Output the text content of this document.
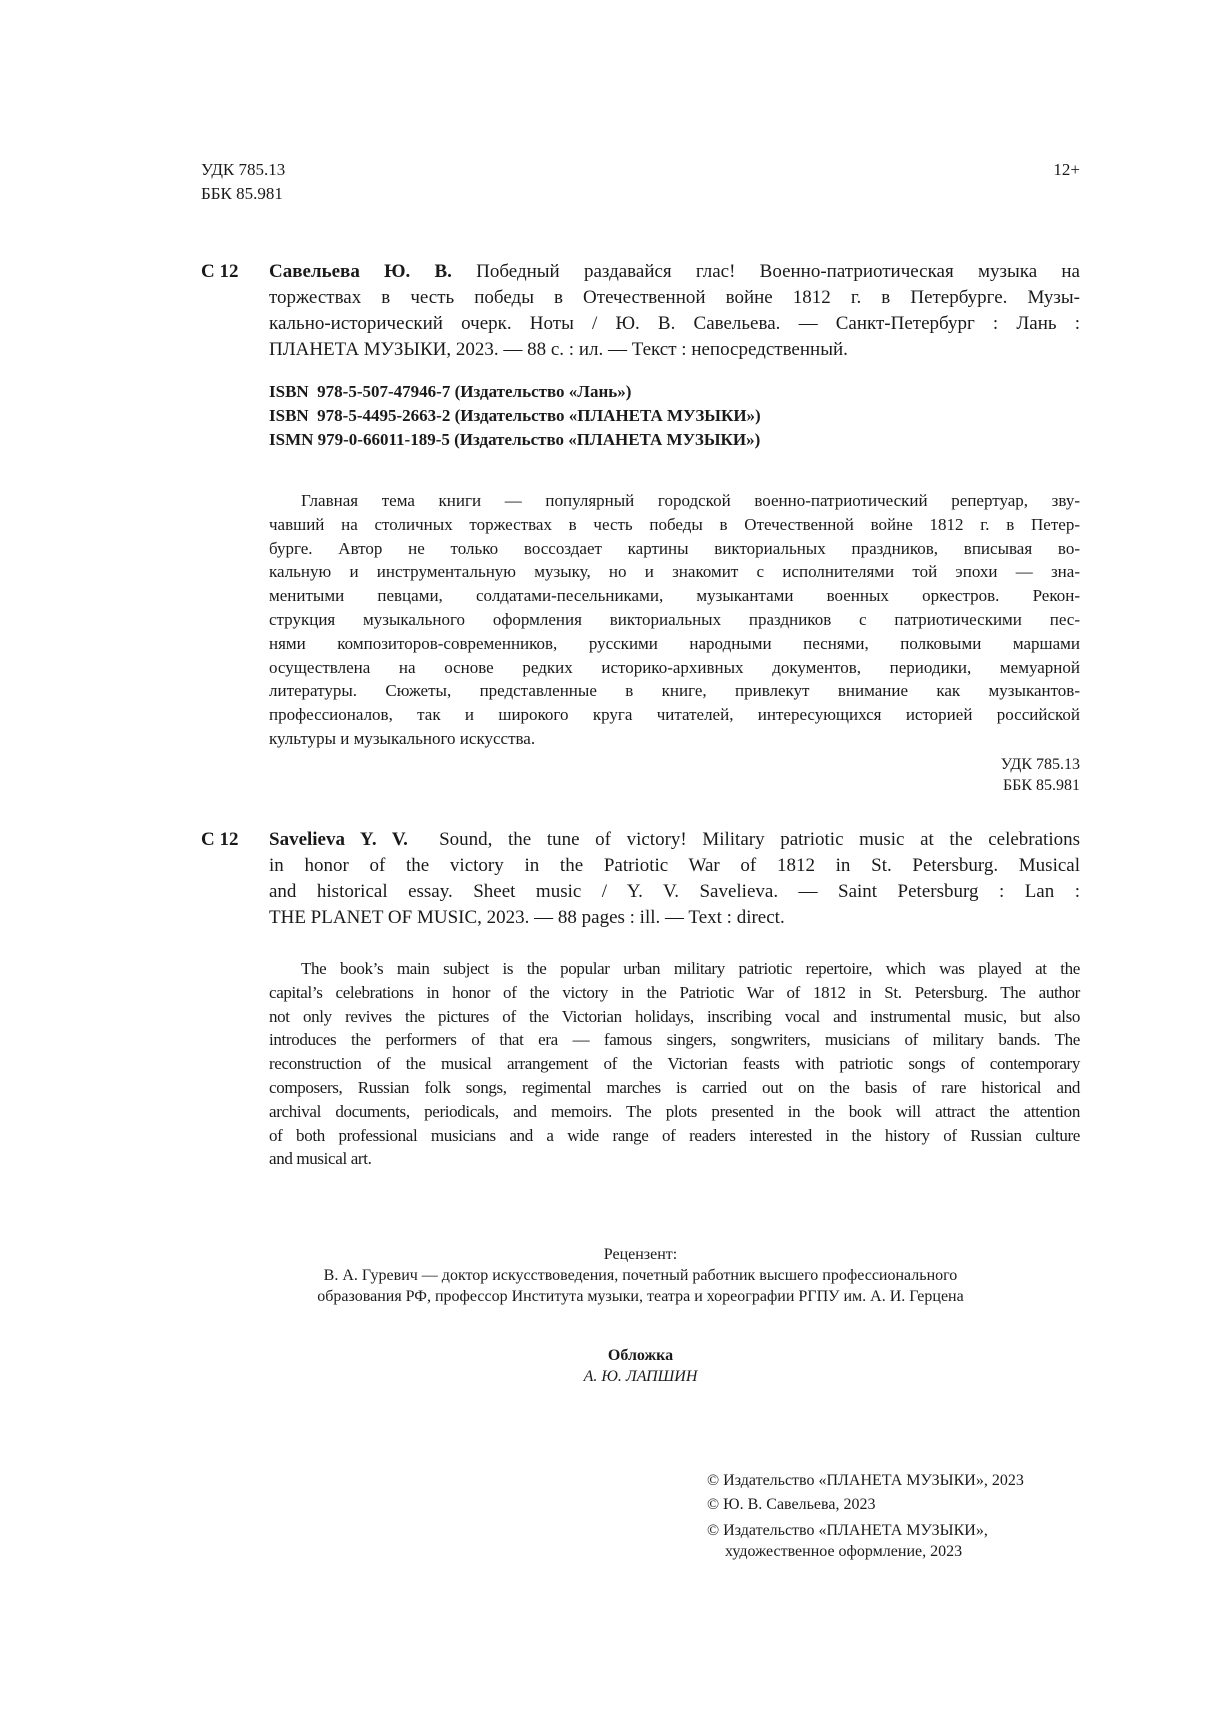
УДК 785.13
ББК 85.981
12+
С 12 Савельева Ю. В. Победный раздавайся глас! Военно-патриотическая музыка на
торжествах в честь победы в Отечественной войне 1812 г. в Петербурге. Музы-
кально-исторический очерк. Ноты / Ю. В. Савельева. — Санкт-Петербург : Лань :
ПЛАНЕТА МУЗЫКИ, 2023. — 88 с. : ил. — Текст : непосредственный.
ISBN  978-5-507-47946-7 (Издательство «Лань»)
ISBN  978-5-4495-2663-2 (Издательство «ПЛАНЕТА МУЗЫКИ»)
ISMN 979-0-66011-189-5 (Издательство «ПЛАНЕТА МУЗЫКИ»)
Главная тема книги — популярный городской военно-патриотический репертуар, зву-
чавший на столичных торжествах в честь победы в Отечественной войне 1812 г. в Петер-
бурге. Автор не только воссоздает картины викториальных праздников, вписывая во-
кальную и инструментальную музыку, но и знакомит с исполнителями той эпохи — зна-
менитыми певцами, солдатами-песельниками, музыкантами военных оркестров. Рекон-
струкция музыкального оформления викториальных праздников с патриотическими пес-
нями композиторов-современников, русскими народными песнями, полковыми маршами
осуществлена на основе редких историко-архивных документов, периодики, мемуарной
литературы. Сюжеты, представленные в книге, привлекут внимание как музыкантов-
профессионалов, так и широкого круга читателей, интересующихся историей российской
культуры и музыкального искусства.
УДК 785.13
ББК 85.981
С 12 Savelieva Y. V. Sound, the tune of victory! Military patriotic music at the celebrations
in honor of the victory in the Patriotic War of 1812 in St. Petersburg. Musical
and historical essay. Sheet music / Y. V. Savelieva. — Saint Petersburg : Lan :
THE PLANET OF MUSIC, 2023. — 88 pages : ill. — Text : direct.
The book’s main subject is the popular urban military patriotic repertoire, which was played at the
capital’s celebrations in honor of the victory in the Patriotic War of 1812 in St. Petersburg. The author
not only revives the pictures of the Victorian holidays, inscribing vocal and instrumental music, but also
introduces the performers of that era — famous singers, songwriters, musicians of military bands. The
reconstruction of the musical arrangement of the Victorian feasts with patriotic songs of contemporary
composers, Russian folk songs, regimental marches is carried out on the basis of rare historical and
archival documents, periodicals, and memoirs. The plots presented in the book will attract the attention
of both professional musicians and a wide range of readers interested in the history of Russian culture
and musical art.
Рецензент:
В. А. Гуревич — доктор искусствоведения, почетный работник высшего профессионального
образования РФ, профессор Института музыки, театра и хореографии РГПУ им. А. И. Герцена
Обложка
А. Ю. ЛАПШИН
© Издательство «ПЛАНЕТА МУЗЫКИ», 2023
© Ю. В. Савельева, 2023
© Издательство «ПЛАНЕТА МУЗЫКИ»,
художественное оформление, 2023
